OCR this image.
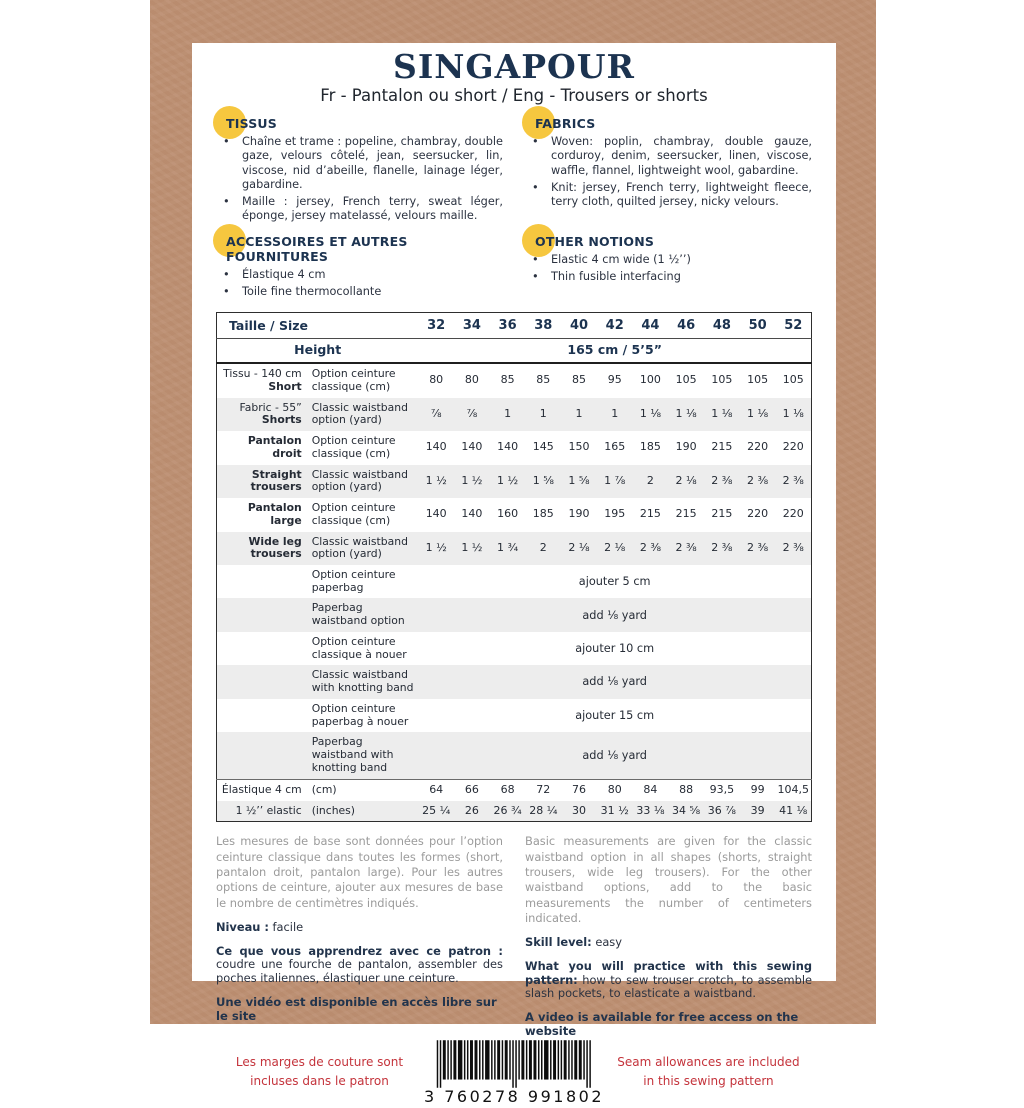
SINGAPOUR
Fr - Pantalon ou short / Eng - Trousers or shorts
TISSUS
• Chaîne et trame : popeline, chambray, double gaze, velours côtelé, jean, seersucker, lin, viscose, nid d’abeille, flanelle, lainage léger, gabardine.
• Maille : jersey, French terry, sweat léger, éponge, jersey matelassé, velours maille.
FABRICS
• Woven: poplin, chambray, double gauze, corduroy, denim, seersucker, linen, viscose, waffle, flannel, lightweight wool, gabardine.
• Knit: jersey, French terry, lightweight fleece, terry cloth, quilted jersey, nicky velours.
ACCESSOIRES ET AUTRES FOURNITURES
• Élastique 4 cm
• Toile fine thermocollante
OTHER NOTIONS
• Elastic 4 cm wide (1 ½’’)
• Thin fusible interfacing
Taille / Size		32	34	36	38	40	42	44	46	48	50	52
Height		165 cm / 5’5”										
Tissu - 140 cm
Short	Option ceinture classique (cm)	80	80	85	85	85	95	100	105	105	105	105
Fabric - 55”
Shorts	Classic waistband option (yard)	⅞	⅞	1	1	1	1	1 ⅛	1 ⅛	1 ⅛	1 ⅛	1 ⅛
Pantalon droit	Option ceinture classique (cm)	140	140	140	145	150	165	185	190	215	220	220
Straight trousers	Classic waistband option (yard)	1 ½	1 ½	1 ½	1 ⅝	1 ⅝	1 ⅞	2	2 ⅛	2 ⅜	2 ⅜	2 ⅜
Pantalon large	Option ceinture classique (cm)	140	140	160	185	190	195	215	215	215	220	220
Wide leg trousers	Classic waistband option (yard)	1 ½	1 ½	1 ¾	2	2 ⅛	2 ⅛	2 ⅜	2 ⅜	2 ⅜	2 ⅜	2 ⅜
	Option ceinture paperbag	ajouter 5 cm										
	Paperbag waistband option	add ⅛ yard										
	Option ceinture classique à nouer	ajouter 10 cm										
	Classic waistband with knotting band	add ⅛ yard										
	Option ceinture paperbag à nouer	ajouter 15 cm										
	Paperbag waistband with knotting band	add ⅛ yard										
Élastique 4 cm	(cm)	64	66	68	72	76	80	84	88	93,5	99	104,5
1 ½’’ elastic	(inches)	25 ¼	26	26 ¾	28 ¼	30	31 ½	33 ⅛	34 ⅝	36 ⅞	39	41 ⅛

Les mesures de base sont données pour l’option ceinture classique dans toutes les formes (short, pantalon droit, pantalon large). Pour les autres options de ceinture, ajouter aux mesures de base le nombre de centimètres indiqués.

Niveau : facile
Ce que vous apprendrez avec ce patron : coudre une fourche de pantalon, assembler des poches italiennes, élastiquer une ceinture.
Une vidéo est disponible en accès libre sur le site

Basic measurements are given for the classic waistband option in all shapes (shorts, straight trousers, wide leg trousers). For the other waistband options, add to the basic measurements the number of centimeters indicated.

Skill level: easy
What you will practice with this sewing pattern: how to sew trouser crotch, to assemble slash pockets, to elasticate a waistband.
A video is available for free access on the website
Les marges de couture sont incluses dans le patron
3 760278 991802
Seam allowances are included in this sewing pattern
